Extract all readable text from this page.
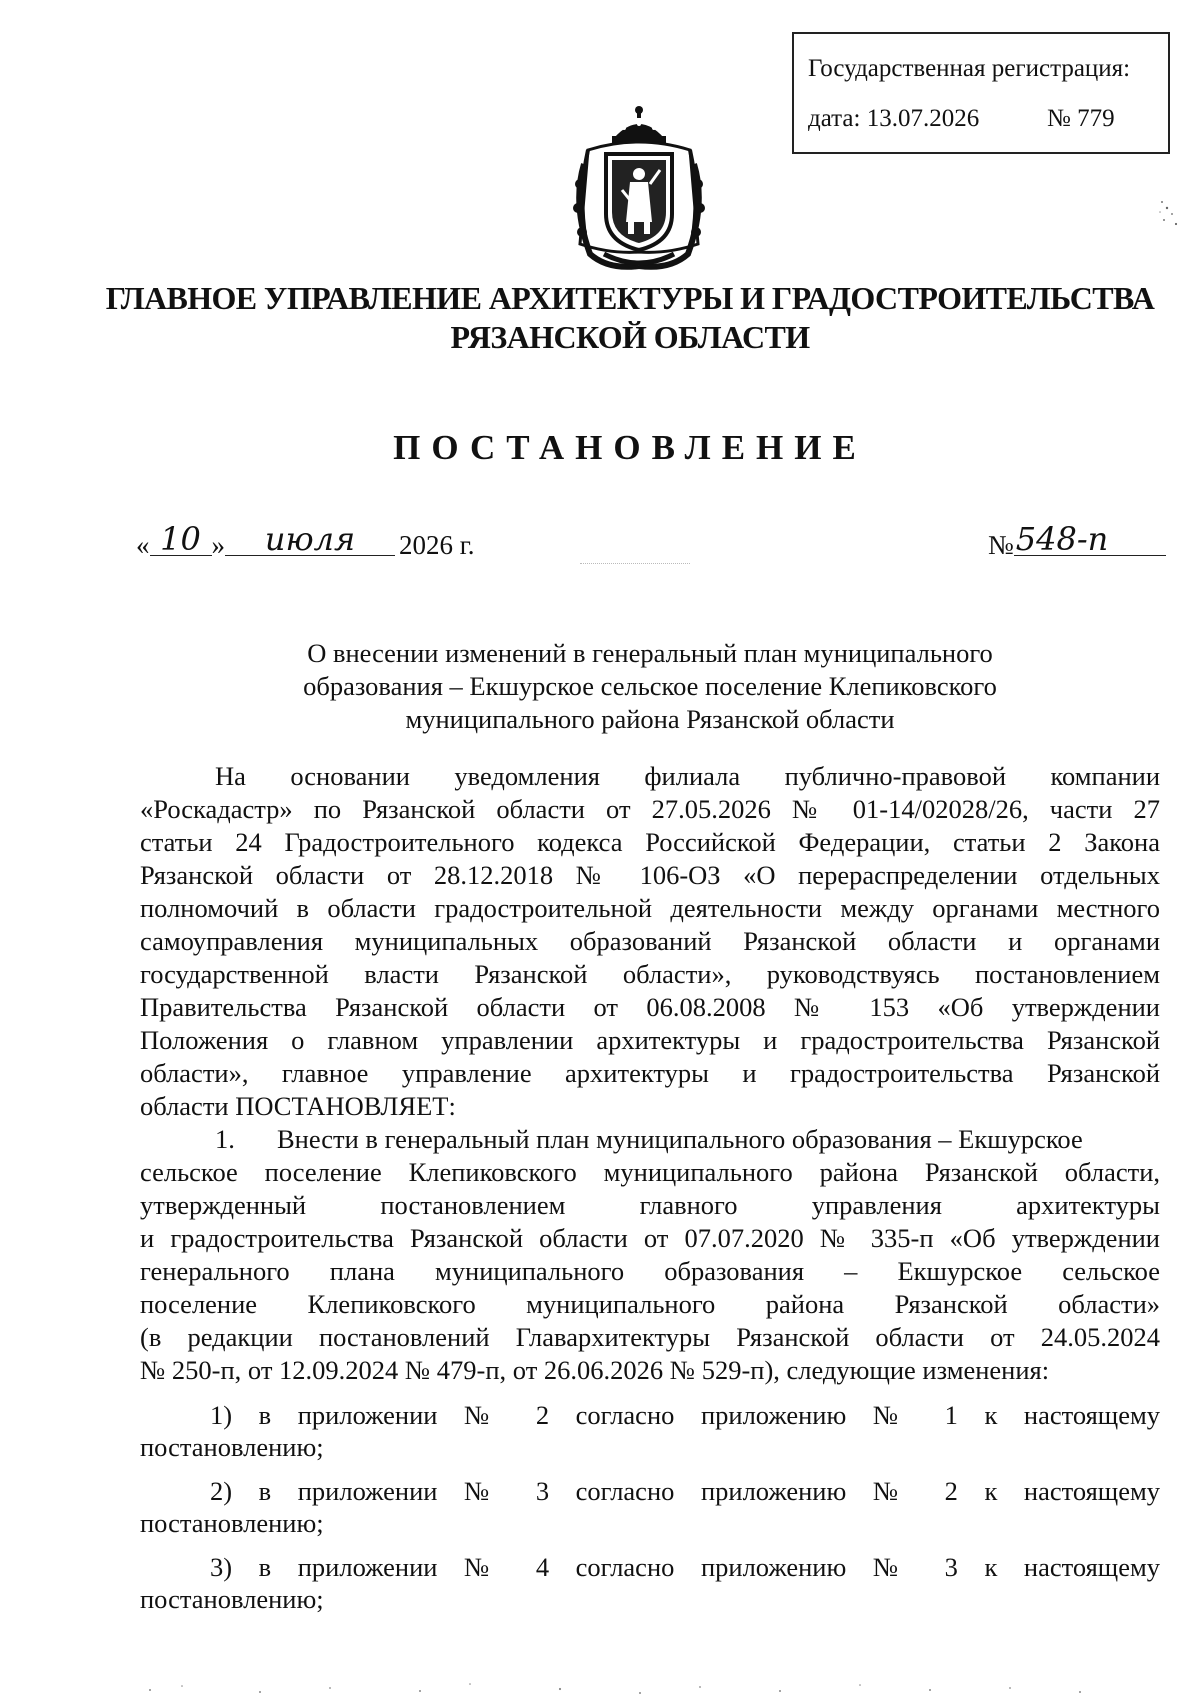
Государственная регистрация:
дата: 13.07.2026	№ 779
ГЛАВНОЕ УПРАВЛЕНИЕ АРХИТЕКТУРЫ И ГРАДОСТРОИТЕЛЬСТВА
РЯЗАНСКОЙ ОБЛАСТИ
ПОСТАНОВЛЕНИЕ
« 10 » июля 2026 г.	№548-п
О внесении изменений в генеральный план муниципального
образования – Екшурское сельское поселение Клепиковского
муниципального района Рязанской области
На основании уведомления филиала публично-правовой компании
«Роскадастр» по Рязанской области от 27.05.2026 № 01-14/02028/26, части 27
статьи 24 Градостроительного кодекса Российской Федерации, статьи 2 Закона
Рязанской области от 28.12.2018 № 106-ОЗ «О перераспределении отдельных
полномочий в области градостроительной деятельности между органами местного
самоуправления муниципальных образований Рязанской области и органами
государственной власти Рязанской области», руководствуясь постановлением
Правительства Рязанской области от 06.08.2008 № 153 «Об утверждении
Положения о главном управлении архитектуры и градостроительства Рязанской
области», главное управление архитектуры и градостроительства Рязанской
области ПОСТАНОВЛЯЕТ:
1. Внести в генеральный план муниципального образования – Екшурское
сельское поселение Клепиковского муниципального района Рязанской области,
утвержденный постановлением главного управления архитектуры
и градостроительства Рязанской области от 07.07.2020 № 335-п «Об утверждении
генерального плана муниципального образования – Екшурское сельское
поселение Клепиковского муниципального района Рязанской области»
(в редакции постановлений Главархитектуры Рязанской области от 24.05.2024
№ 250-п, от 12.09.2024 № 479-п, от 26.06.2026 № 529-п), следующие изменения:
1) в приложении № 2 согласно приложению № 1 к настоящему
постановлению;
2) в приложении № 3 согласно приложению № 2 к настоящему
постановлению;
3) в приложении № 4 согласно приложению № 3 к настоящему
постановлению;
